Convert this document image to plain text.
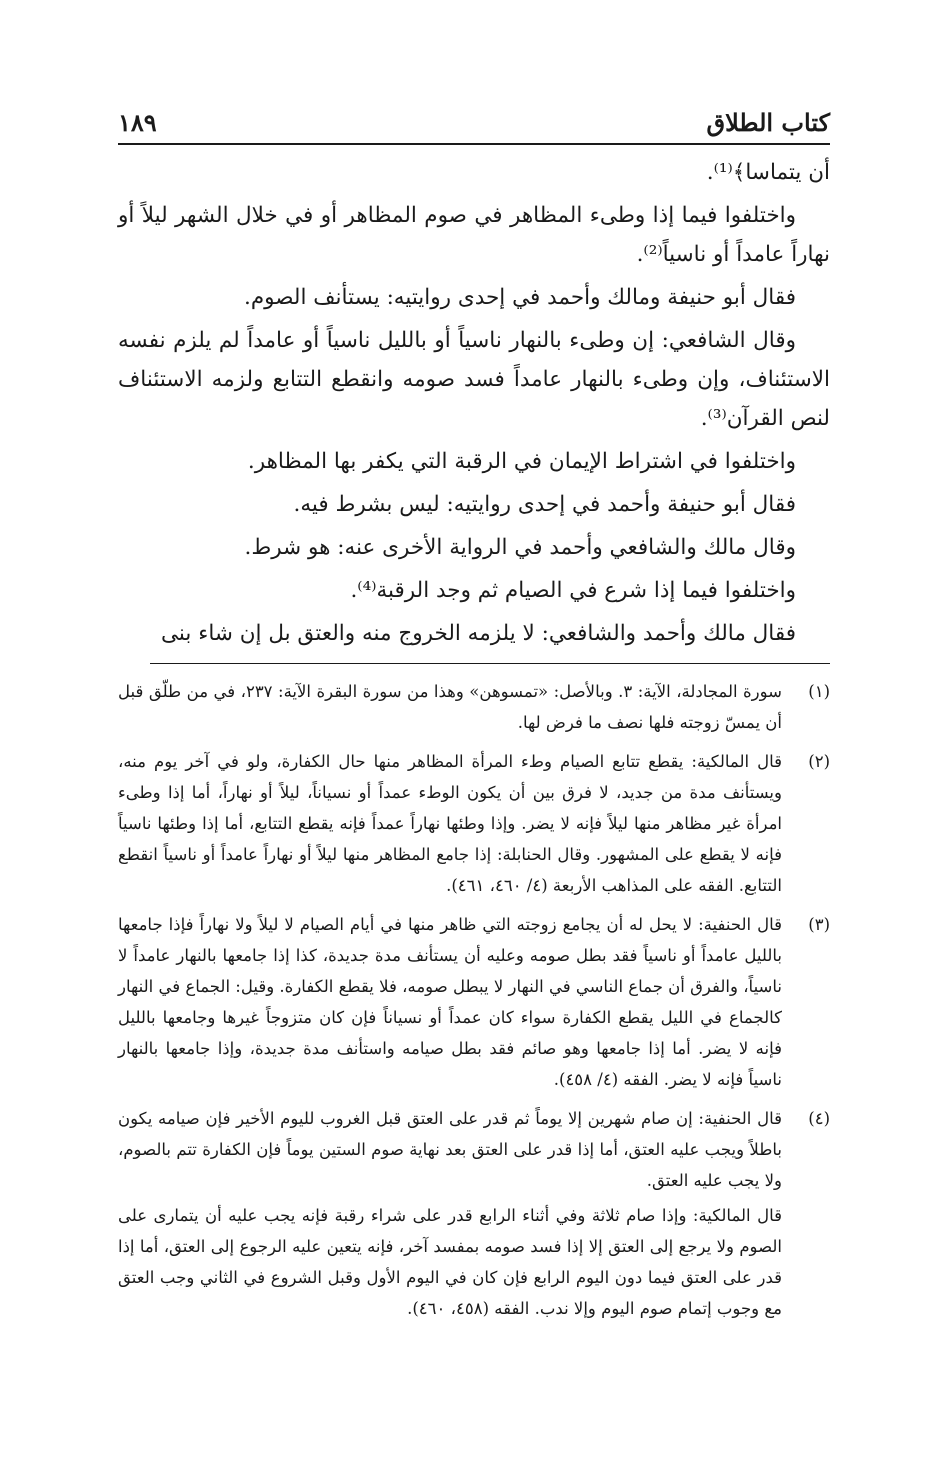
كتاب الطلاق
١٨٩

أن يتماسا﴾⁽¹⁾.

واختلفوا فيما إذا وطىء المظاهر في صوم المظاهر أو في خلال الشهر ليلاً أو نهاراً عامداً أو ناسياً⁽²⁾.

فقال أبو حنيفة ومالك وأحمد في إحدى روايتيه: يستأنف الصوم.

وقال الشافعي: إن وطىء بالنهار ناسياً أو بالليل ناسياً أو عامداً لم يلزم نفسه الاستئناف، وإن وطىء بالنهار عامداً فسد صومه وانقطع التتابع ولزمه الاستئناف لنص القرآن⁽³⁾.

واختلفوا في اشتراط الإيمان في الرقبة التي يكفر بها المظاهر.

فقال أبو حنيفة وأحمد في إحدى روايتيه: ليس بشرط فيه.

وقال مالك والشافعي وأحمد في الرواية الأخرى عنه: هو شرط.

واختلفوا فيما إذا شرع في الصيام ثم وجد الرقبة⁽⁴⁾.

فقال مالك وأحمد والشافعي: لا يلزمه الخروج منه والعتق بل إن شاء بنى

(١)

سورة المجادلة، الآية: ٣. وبالأصل: «تمسوهن» وهذا من سورة البقرة الآية: ٢٣٧، في من طلّق قبل أن يمسّ زوجته فلها نصف ما فرض لها.

(٢)

قال المالكية: يقطع تتابع الصيام وطء المرأة المظاهر منها حال الكفارة، ولو في آخر يوم منه، ويستأنف مدة من جديد، لا فرق بين أن يكون الوطء عمداً أو نسياناً، ليلاً أو نهاراً، أما إذا وطىء امرأة غير مظاهر منها ليلاً فإنه لا يضر. وإذا وطئها نهاراً عمداً فإنه يقطع التتابع، أما إذا وطئها ناسياً فإنه لا يقطع على المشهور. وقال الحنابلة: إذا جامع المظاهر منها ليلاً أو نهاراً عامداً أو ناسياً انقطع التتابع. الفقه على المذاهب الأربعة (٤/ ٤٦٠، ٤٦١).

(٣)

قال الحنفية: لا يحل له أن يجامع زوجته التي ظاهر منها في أيام الصيام لا ليلاً ولا نهاراً فإذا جامعها بالليل عامداً أو ناسياً فقد بطل صومه وعليه أن يستأنف مدة جديدة، كذا إذا جامعها بالنهار عامداً لا ناسياً، والفرق أن جماع الناسي في النهار لا يبطل صومه، فلا يقطع الكفارة. وقيل: الجماع في النهار كالجماع في الليل يقطع الكفارة سواء كان عمداً أو نسياناً فإن كان متزوجاً غيرها وجامعها بالليل فإنه لا يضر. أما إذا جامعها وهو صائم فقد بطل صيامه واستأنف مدة جديدة، وإذا جامعها بالنهار ناسياً فإنه لا يضر. الفقه (٤/ ٤٥٨).

(٤)

قال الحنفية: إن صام شهرين إلا يوماً ثم قدر على العتق قبل الغروب لليوم الأخير فإن صيامه يكون باطلاً ويجب عليه العتق، أما إذا قدر على العتق بعد نهاية صوم الستين يوماً فإن الكفارة تتم بالصوم، ولا يجب عليه العتق.

قال المالكية: وإذا صام ثلاثة وفي أثناء الرابع قدر على شراء رقبة فإنه يجب عليه أن يتمارى على الصوم ولا يرجع إلى العتق إلا إذا فسد صومه بمفسد آخر، فإنه يتعين عليه الرجوع إلى العتق، أما إذا قدر على العتق فيما دون اليوم الرابع فإن كان في اليوم الأول وقبل الشروع في الثاني وجب العتق مع وجوب إتمام صوم اليوم وإلا ندب. الفقه (٤٥٨، ٤٦٠).
